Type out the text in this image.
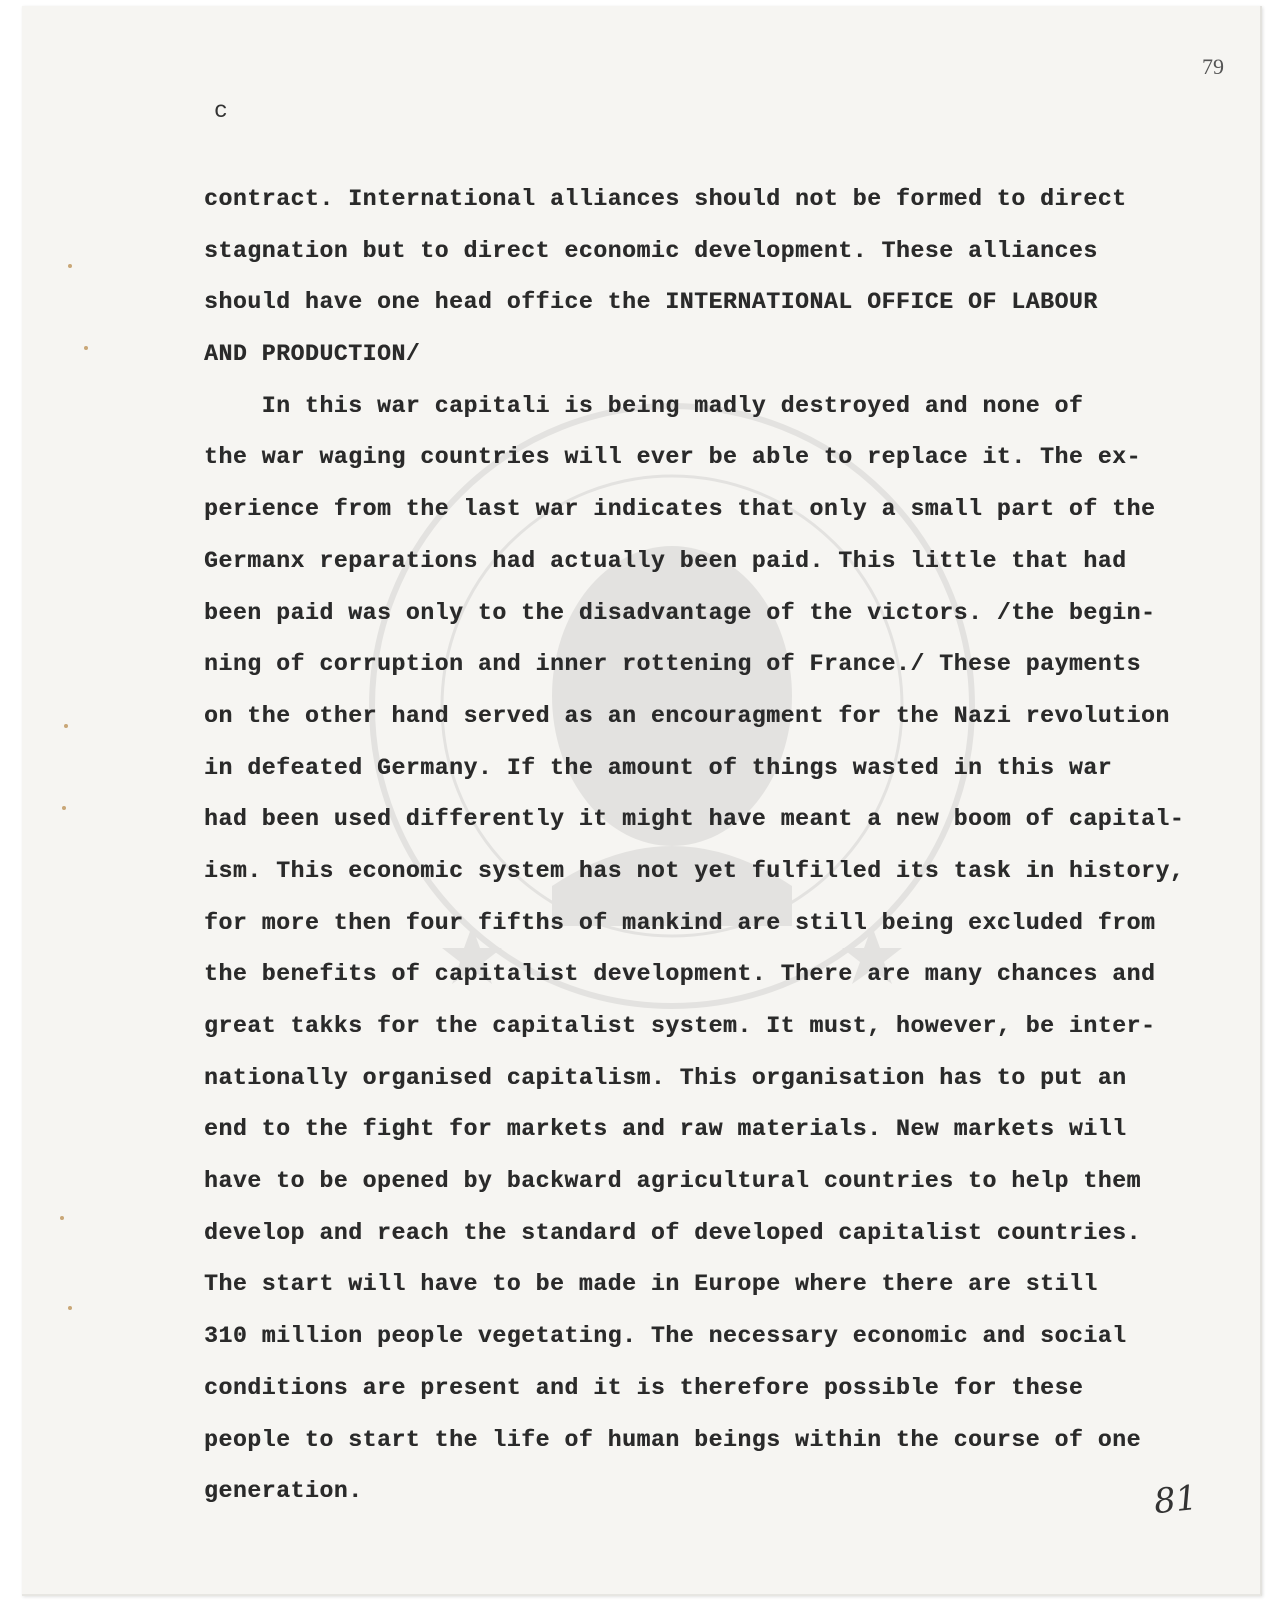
79
c
contract. International alliances should not be formed to direct
stagnation but to direct economic development. These alliances
should have one head office the INTERNATIONAL OFFICE OF LABOUR
AND PRODUCTION/
In this war capitali is being madly destroyed and none of
the war waging countries will ever be able to replace it. The ex-
perience from the last war indicates that only a small part of the
Germanx reparations had actually been paid. This little that had
been paid was only to the disadvantage of the victors. /the begin-
ning of corruption and inner rottening of France./ These payments
on the other hand served as an encouragment for the Nazi revolution
in defeated Germany. If the amount of things wasted in this war
had been used differently it might have meant a new boom of capital-
ism. This economic system has not yet fulfilled its task in history,
for more then four fifths of mankind are still being excluded from
the benefits of capitalist development. There are many chances and
great takks for the capitalist system. It must, however, be inter-
nationally organised capitalism. This organisation has to put an
end to the fight for markets and raw materials. New markets will
have to be opened by backward agricultural countries to help them
develop and reach the standard of developed capitalist countries.
The start will have to be made in Europe where there are still
310 million people vegetating. The necessary economic and social
conditions are present and it is therefore possible for these
people to start the life of human beings within the course of one
generation.	81
